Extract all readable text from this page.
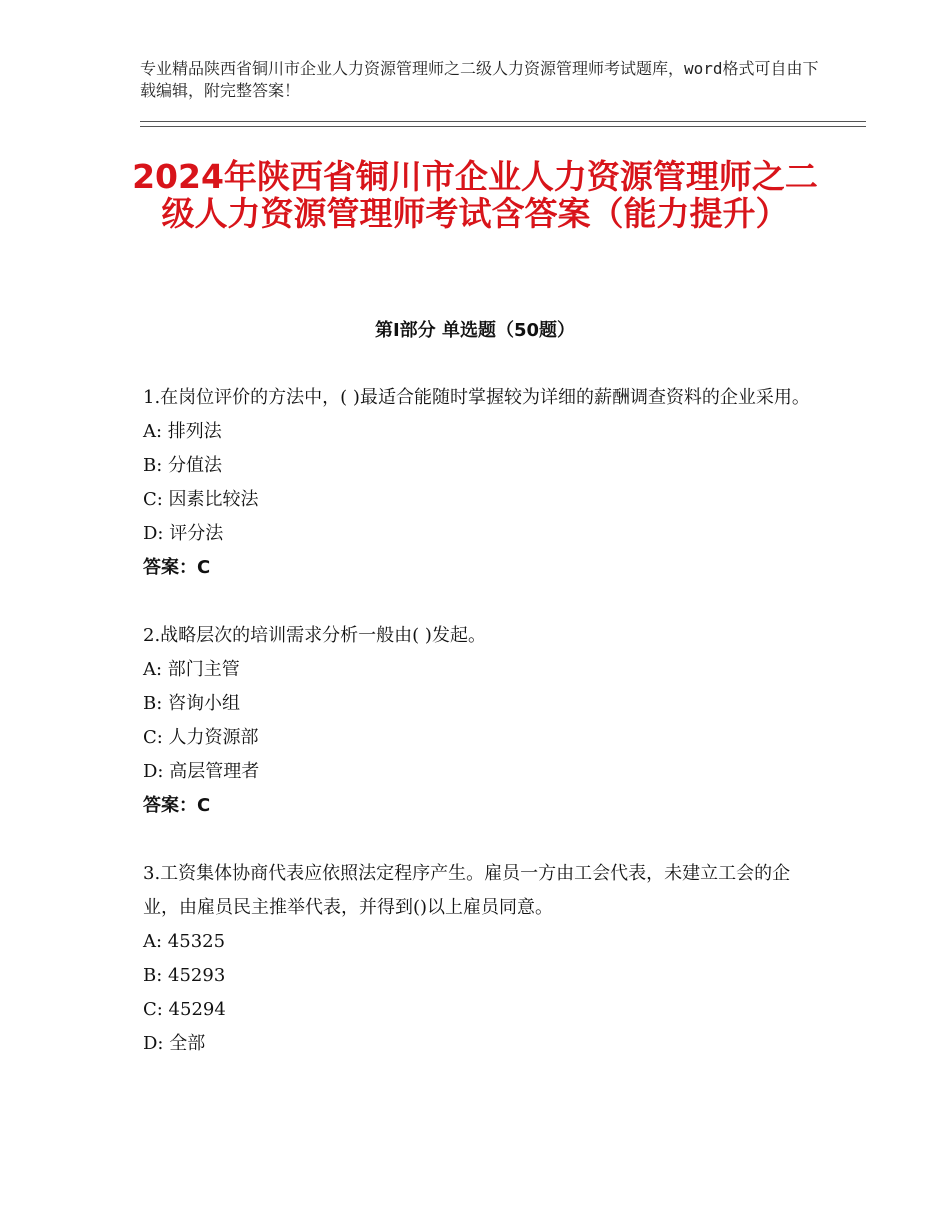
专业精品陕西省铜川市企业人力资源管理师之二级人力资源管理师考试题库，word格式可自由下载编辑，附完整答案！
2024年陕西省铜川市企业人力资源管理师之二级人力资源管理师考试含答案（能力提升）
第Ⅰ部分 单选题（50题）
1.在岗位评价的方法中，( )最适合能随时掌握较为详细的薪酬调查资料的企业采用。
A: 排列法
B: 分值法
C: 因素比较法
D: 评分法
答案：C
2.战略层次的培训需求分析一般由( )发起。
A: 部门主管
B: 咨询小组
C: 人力资源部
D: 高层管理者
答案：C
3.工资集体协商代表应依照法定程序产生。雇员一方由工会代表，未建立工会的企业，由雇员民主推举代表，并得到()以上雇员同意。
A: 45325
B: 45293
C: 45294
D: 全部
